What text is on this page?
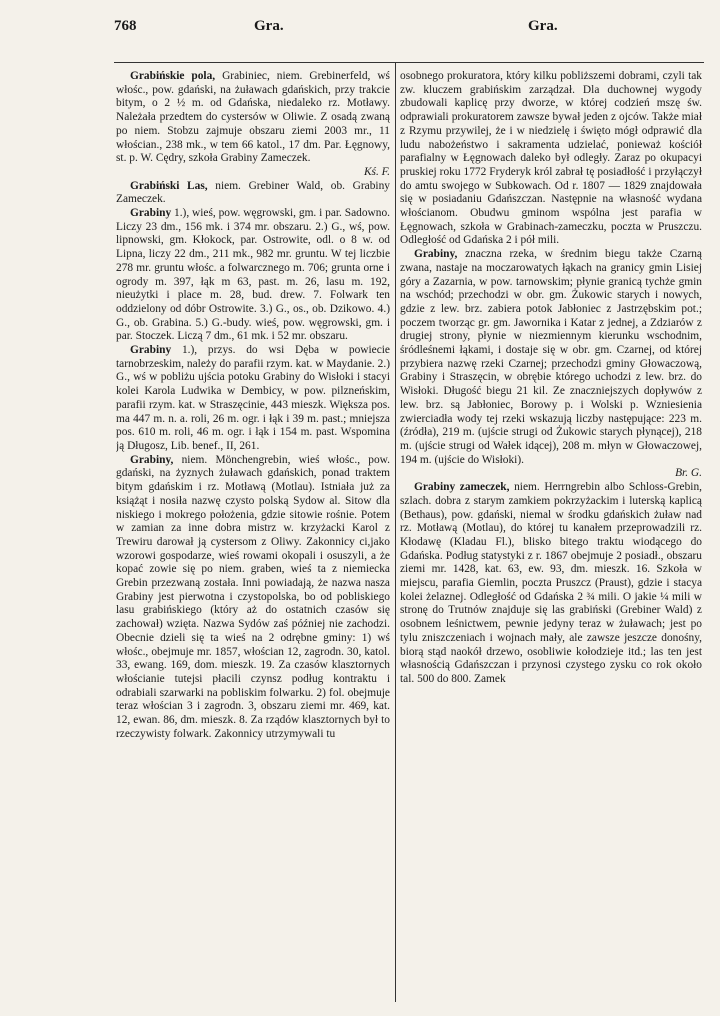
768	Gra.	Gra.

Grabińskie pola, Grabiniec, niem. Grebinerfeld, wś włośc., pow. gdański, na żuławach gdańskich, przy trakcie bitym, o 2 ½ m. od Gdańska, niedaleko rz. Motławy. Należała przedtem do cystersów w Oliwie. Z osadą zwaną po niem. Stobzu zajmuje obszaru ziemi 2003 mr., 11 włościan., 238 mk., w tem 66 katol., 17 dm. Par. Łęgnowy, st. p. W. Cędry, szkoła Grabiny Zameczek.
Kś. F.

Grabiński Las, niem. Grebiner Wald, ob. Grabiny Zameczek.

Grabiny 1.), wieś, pow. węgrowski, gm. i par. Sadowno. Liczy 23 dm., 156 mk. i 374 mr. obszaru. 2.) G., wś, pow. lipnowski, gm. Kłokock, par. Ostrowite, odl. o 8 w. od Lipna, liczy 22 dm., 211 mk., 982 mr. gruntu. W tej liczbie 278 mr. gruntu włośc. a folwarcznego m. 706; grunta orne i ogrody m. 397, łąk m 63, past. m. 26, lasu m. 192, nieużytki i place m. 28, bud. drew. 7. Folwark ten oddzielony od dóbr Ostrowite. 3.) G., os., ob. Dzikowo. 4.) G., ob. Grabina. 5.) G.-budy. wieś, pow. węgrowski, gm. i par. Stoczek. Liczą 7 dm., 61 mk. i 52 mr. obszaru.

Grabiny 1.), przys. do wsi Dęba w powiecie tarnobrzeskim, należy do parafii rzym. kat. w Maydanie. 2.) G., wś w pobliżu ujścia potoku Grabiny do Wisłoki i stacyi kolei Karola Ludwika w Dembicy, w pow. pilzneńskim, parafii rzym. kat. w Straszęcinie, 443 mieszk. Większa pos. ma 447 m. n. a. roli, 26 m. ogr. i łąk i 39 m. past.; mniejsza pos. 610 m. roli, 46 m. ogr. i łąk i 154 m. past. Wspomina ją Długosz, Lib. benef., II, 261.

Grabiny, niem. Mönchengrebin, wieś włośc., pow. gdański, na żyznych żuławach gdańskich, ponad traktem bitym gdańskim i rz. Motławą (Motlau). Istniała już za książąt i nosiła nazwę czysto polską Sydow al. Sitow dla niskiego i mokrego położenia, gdzie sitowie rośnie. Potem w zamian za inne dobra mistrz w. krzyżacki Karol z Trewiru darował ją cystersom z Oliwy. Zakonnicy ci,jako wzorowi gospodarze, wieś rowami okopali i osuszyli, a że kopać zowie się po niem. graben, wieś ta z niemiecka Grebin przezwaną została. Inni powiadają, że nazwa nasza Grabiny jest pierwotna i czystopolska, bo od pobliskiego lasu grabińskiego (który aż do ostatnich czasów się zachował) wzięta. Nazwa Sydów zaś później nie zachodzi. Obecnie dzieli się ta wieś na 2 odrębne gminy: 1) wś włośc., obejmuje mr. 1857, włościan 12, zagrodn. 30, katol. 33, ewang. 169, dom. mieszk. 19. Za czasów klasztornych włościanie tutejsi płacili czynsz podług kontraktu i odrabiali szarwarki na pobliskim folwarku. 2) fol. obejmuje teraz włościan 3 i zagrodn. 3, obszaru ziemi mr. 469, kat. 12, ewan. 86, dm. mieszk. 8. Za rządów klasztornych był to rzeczywisty folwark. Zakonnicy utrzymywali tu

osobnego prokuratora, który kilku pobliższemi dobrami, czyli tak zw. kluczem grabińskim zarządzał. Dla duchownej wygody zbudowali kaplicę przy dworze, w której codzień mszę św. odprawiali prokuratorem zawsze bywał jeden z ojców. Także miał z Rzymu przywilej, że i w niedzielę i święto mógł odprawić dla ludu nabożeństwo i sakramenta udzielać, ponieważ kościół parafialny w Łęgnowach daleko był odległy. Zaraz po okupacyi pruskiej roku 1772 Fryderyk król zabrał tę posiadłość i przyłączył do amtu swojego w Subkowach. Od r. 1807 — 1829 znajdowała się w posiadaniu Gdańszczan. Następnie na własność wydana włościanom. Obudwu gminom wspólna jest parafia w Łęgnowach, szkoła w Grabinach-zameczku, poczta w Pruszczu. Odległość od Gdańska 2 i pół mili.

Grabiny, znaczna rzeka, w średnim biegu także Czarną zwana, nastaje na moczarowatych łąkach na granicy gmin Lisiej góry a Zazarnia, w pow. tarnowskim; płynie granicą tychże gmin na wschód; przechodzi w obr. gm. Żukowic starych i nowych, gdzie z lew. brz. zabiera potok Jabłoniec z Jastrzębskim pot.; poczem tworząc gr. gm. Jawornika i Katar z jednej, a Zdziarów z drugiej strony, płynie w niezmiennym kierunku wschodnim, śródleśnemi łąkami, i dostaje się w obr. gm. Czarnej, od której przybiera nazwę rzeki Czarnej; przechodzi gminy Głowaczową, Grabiny i Straszęcin, w obrębie którego uchodzi z lew. brz. do Wisłoki. Długość biegu 21 kil. Ze znaczniejszych dopływów z lew. brz. są Jabłoniec, Borowy p. i Wolski p. Wzniesienia zwierciadła wody tej rzeki wskazują liczby następujące: 223 m. (źródła), 219 m. (ujście strugi od Żukowic starych płynącej), 218 m. (ujście strugi od Wałek idącej), 208 m. młyn w Głowaczowej, 194 m. (ujście do Wisłoki).
Br. G.

Grabiny zameczek, niem. Herrngrebin albo Schloss-Grebin, szlach. dobra z starym zamkiem pokrzyżackim i luterską kaplicą (Bethaus), pow. gdański, niemal w środku gdańskich żuław nad rz. Motławą (Motlau), do której tu kanałem przeprowadzili rz. Kłodawę (Kladau Fl.), blisko bitego traktu wiodącego do Gdańska. Podług statystyki z r. 1867 obejmuje 2 posiadł., obszaru ziemi mr. 1428, kat. 63, ew. 93, dm. mieszk. 16. Szkoła w miejscu, parafia Giemlin, poczta Pruszcz (Praust), gdzie i stacya kolei żelaznej. Odległość od Gdańska 2 ¾ mili. O jakie ¼ mili w stronę do Trutnów znajduje się las grabiński (Grebiner Wald) z osobnem leśnictwem, pewnie jedyny teraz w żuławach; jest po tylu zniszczeniach i wojnach mały, ale zawsze jeszcze donośny, biorą stąd naokół drzewo, osobliwie kołodzieje itd.; las ten jest własnością Gdańszczan i przynosi czystego zysku co rok około tal. 500 do 800. Zamek
